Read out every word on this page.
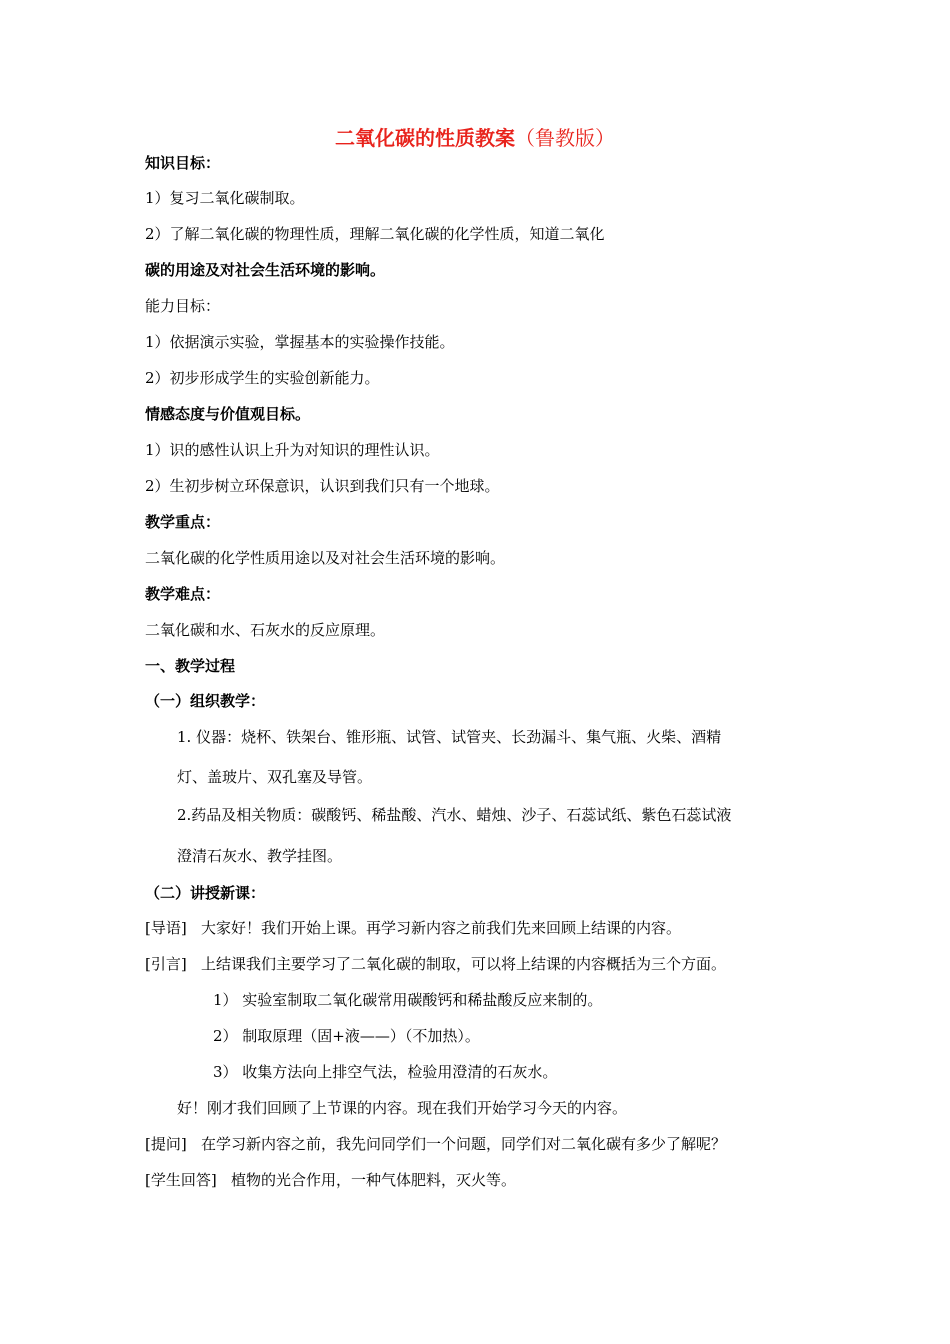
二氧化碳的性质教案（鲁教版）
知识目标：
1）复习二氧化碳制取。
2）了解二氧化碳的物理性质，理解二氧化碳的化学性质，知道二氧化
碳的用途及对社会生活环境的影响。
能力目标：
1）依据演示实验，掌握基本的实验操作技能。
2）初步形成学生的实验创新能力。
情感态度与价值观目标。
1）识的感性认识上升为对知识的理性认识。
2）生初步树立环保意识，认识到我们只有一个地球。
教学重点：
二氧化碳的化学性质用途以及对社会生活环境的影响。
教学难点：
二氧化碳和水、石灰水的反应原理。
一、教学过程
（一）组织教学：
1. 仪器：烧杯、铁架台、锥形瓶、试管、试管夹、长劲漏斗、集气瓶、火柴、酒精
灯、盖玻片、双孔塞及导管。
2.药品及相关物质：碳酸钙、稀盐酸、汽水、蜡烛、沙子、石蕊试纸、紫色石蕊试液
澄清石灰水、教学挂图。
（二）讲授新课：
[导语] 大家好！我们开始上课。再学习新内容之前我们先来回顾上结课的内容。
[引言] 上结课我们主要学习了二氧化碳的制取，可以将上结课的内容概括为三个方面。
1） 实验室制取二氧化碳常用碳酸钙和稀盐酸反应来制的。
2） 制取原理（固+液——）（不加热）。
3） 收集方法向上排空气法，检验用澄清的石灰水。
好！刚才我们回顾了上节课的内容。现在我们开始学习今天的内容。
[提问] 在学习新内容之前，我先问同学们一个问题，同学们对二氧化碳有多少了解呢？
[学生回答] 植物的光合作用，一种气体肥料，灭火等。
